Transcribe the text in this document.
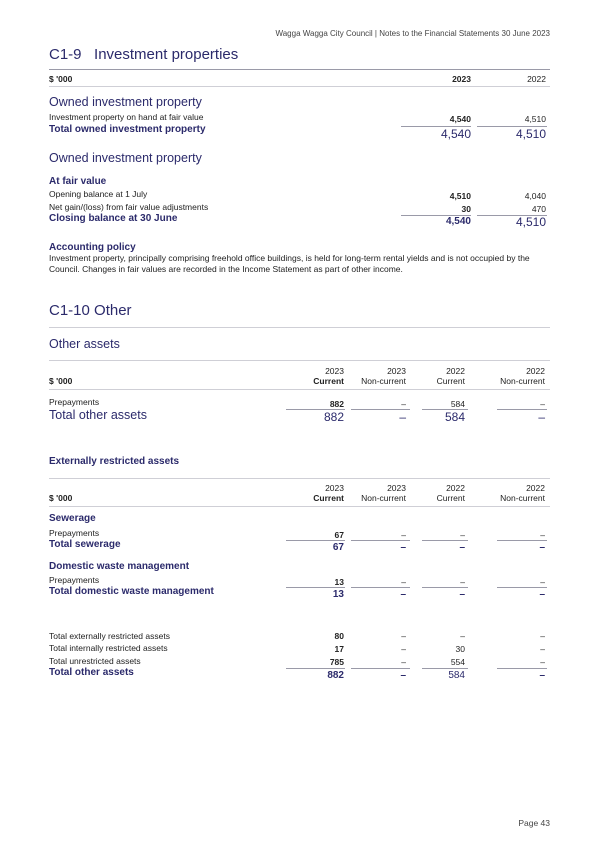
Wagga Wagga City Council | Notes to the Financial Statements 30 June 2023
C1-9 Investment properties
$ '000	2023	2022
Owned investment property
Investment property on hand at fair value	4,540	4,510
Total owned investment property	4,540	4,510
Owned investment property
At fair value
Opening balance at 1 July	4,510	4,040
Net gain/(loss) from fair value adjustments	30	470
Closing balance at 30 June	4,540	4,510
Accounting policy
Investment property, principally comprising freehold office buildings, is held for long-term rental yields and is not occupied by the Council. Changes in fair values are recorded in the Income Statement as part of other income.
C1-10 Other
Other assets
2023	2023	2022	2022
$ '000	Current	Non-current	Current	Non-current
Prepayments	882	–	584	–
Total other assets	882	–	584	–
Externally restricted assets
2023	2023	2022	2022
$ '000	Current	Non-current	Current	Non-current
Sewerage
Prepayments	67	–	–	–
Total sewerage	67	–	–	–
Domestic waste management
Prepayments	13	–	–	–
Total domestic waste management	13	–	–	–
Total externally restricted assets	80	–	–	–
Total internally restricted assets	17	–	30	–
Total unrestricted assets	785	–	554	–
Total other assets	882	–	584	–
Page 43
